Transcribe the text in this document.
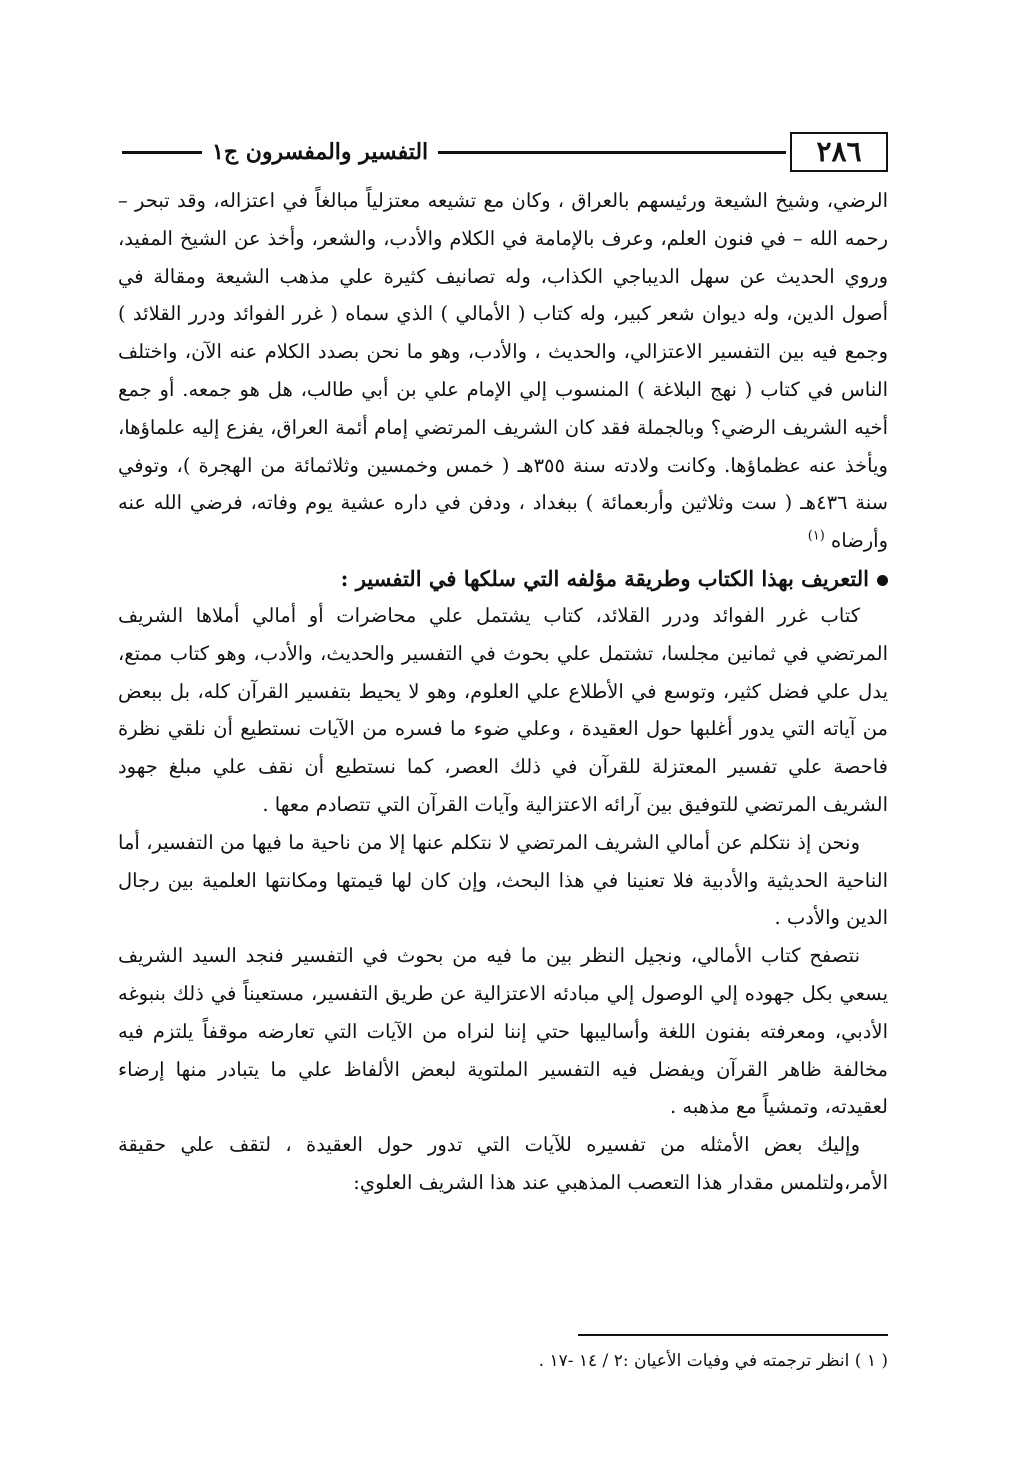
٢٨٦
التفسير والمفسرون ج١

الرضي، وشيخ الشيعة ورئيسهم بالعراق ، وكان مع تشيعه معتزلياً مبالغاً في اعتزاله، وقد تبحر – رحمه الله – في فنون العلم، وعرف بالإمامة في الكلام والأدب، والشعر، وأخذ عن الشيخ المفيد، وروي الحديث عن سهل الديباجي الكذاب، وله تصانيف كثيرة علي مذهب الشيعة ومقالة في أصول الدين، وله ديوان شعر كبير، وله كتاب ( الأمالي ) الذي سماه ( غرر الفوائد ودرر القلائد ) وجمع فيه بين التفسير الاعتزالي، والحديث ، والأدب، وهو ما نحن بصدد الكلام عنه الآن، واختلف الناس في كتاب ( نهج البلاغة ) المنسوب إلي الإمام علي بن أبي طالب، هل هو جمعه. أو جمع أخيه الشريف الرضي؟ وبالجملة فقد كان الشريف المرتضي إمام أئمة العراق، يفزع إليه علماؤها، ويأخذ عنه عظماؤها. وكانت ولادته سنة ٣٥٥هـ ( خمس وخمسين وثلاثمائة من الهجرة )، وتوفي سنة ٤٣٦هـ ( ست وثلاثين وأربعمائة ) ببغداد ، ودفن في داره عشية يوم وفاته، فرضي الله عنه وأرضاه $^{(١)}$

التعريف بهذا الكتاب وطريقة مؤلفه التي سلكها في التفسير :

كتاب غرر الفوائد ودرر القلائد، كتاب يشتمل علي محاضرات أو أمالي أملاها الشريف المرتضي في ثمانين مجلسا، تشتمل علي بحوث في التفسير والحديث، والأدب، وهو كتاب ممتع، يدل علي فضل كثير، وتوسع في الأطلاع علي العلوم، وهو لا يحيط بتفسير القرآن كله، بل ببعض من آياته التي يدور أغلبها حول العقيدة ، وعلي ضوء ما فسره من الآيات نستطيع أن نلقي نظرة فاحصة علي تفسير المعتزلة للقرآن في ذلك العصر، كما نستطيع أن نقف علي مبلغ جهود الشريف المرتضي للتوفيق بين آرائه الاعتزالية وآيات القرآن التي تتصادم معها .

ونحن إذ نتكلم عن أمالي الشريف المرتضي لا نتكلم عنها إلا من ناحية ما فيها من التفسير، أما الناحية الحديثية والأدبية فلا تعنينا في هذا البحث، وإن كان لها قيمتها ومكانتها العلمية بين رجال الدين والأدب .

نتصفح كتاب الأمالي، ونجيل النظر بين ما فيه من بحوث في التفسير فنجد السيد الشريف يسعي بكل جهوده إلي الوصول إلي مبادئه الاعتزالية عن طريق التفسير، مستعيناً في ذلك بنبوغه الأدبي، ومعرفته بفنون اللغة وأساليبها حتي إننا لنراه من الآيات التي تعارضه موقفاً يلتزم فيه مخالفة ظاهر القرآن ويفضل فيه التفسير الملتوية لبعض الألفاظ علي ما يتبادر منها إرضاء لعقيدته، وتمشياً مع مذهبه .

وإليك بعض الأمثله من تفسيره للآيات التي تدور حول العقيدة ، لتقف علي حقيقة الأمر،ولتلمس مقدار هذا التعصب المذهبي عند هذا الشريف العلوي:

( ١ ) انظر ترجمته في وفيات الأعيان :٢ / ١٤ -١٧ .
